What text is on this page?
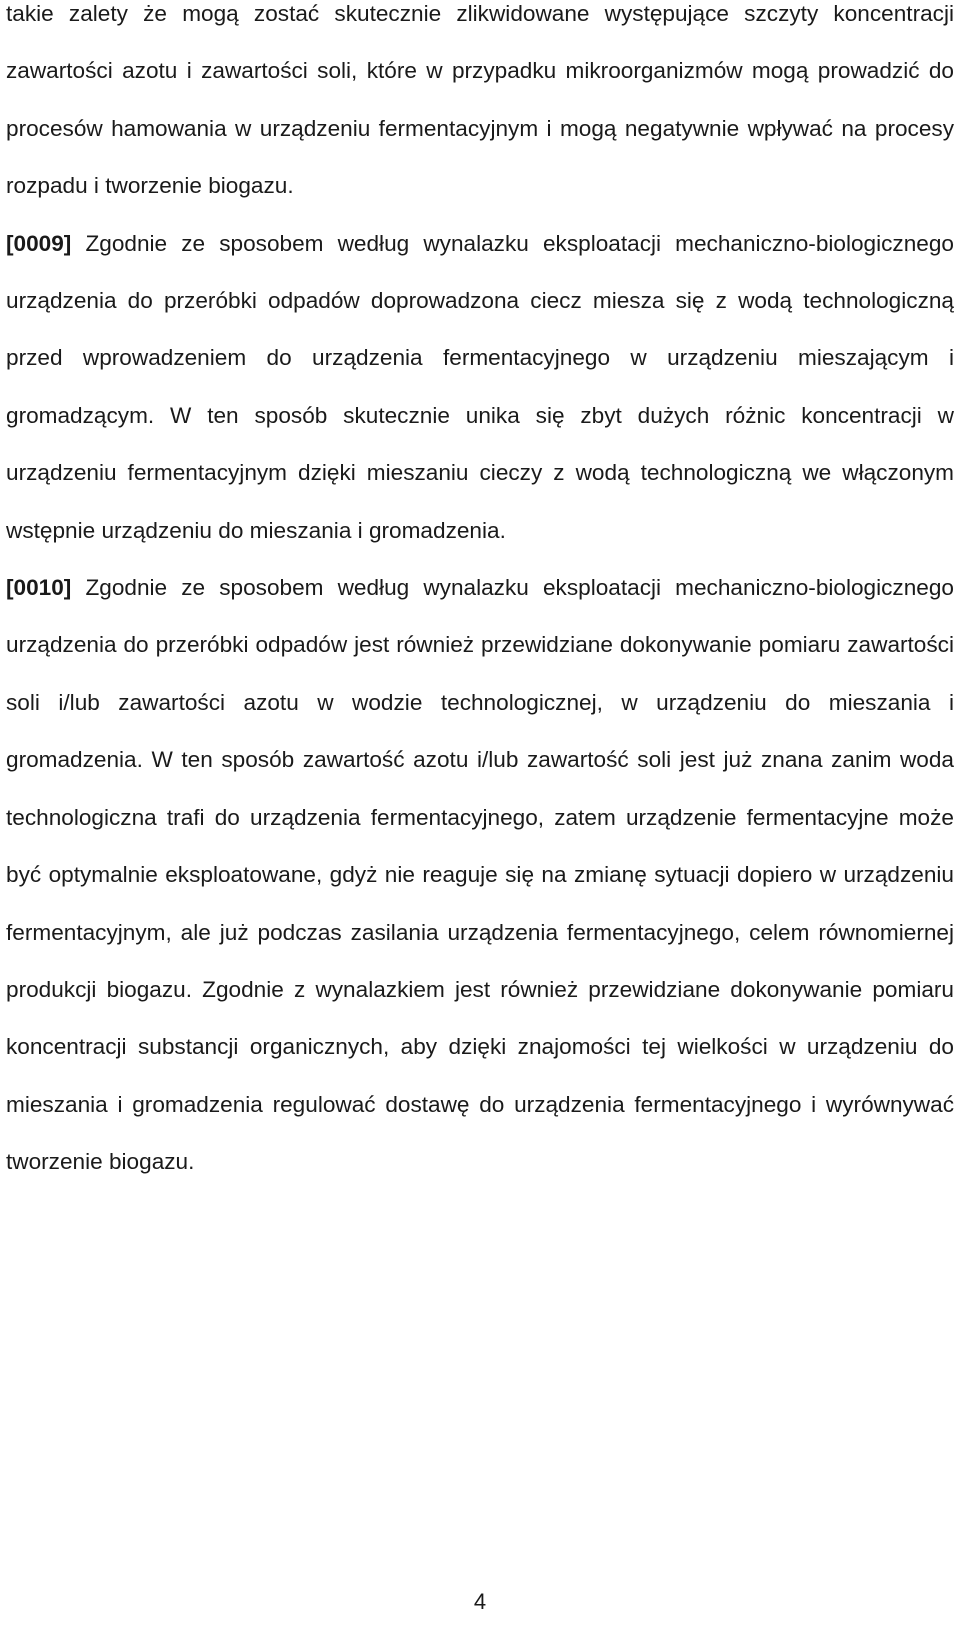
takie zalety że mogą zostać skutecznie zlikwidowane występujące szczyty koncentracji zawartości azotu i zawartości soli, które w przypadku mikroorganizmów mogą prowadzić do procesów hamowania w urządzeniu fermentacyjnym i mogą negatywnie wpływać na procesy rozpadu i tworzenie biogazu.

[0009] Zgodnie ze sposobem według wynalazku eksploatacji mechaniczno-biologicznego urządzenia do przeróbki odpadów doprowadzona ciecz miesza się z wodą technologiczną przed wprowadzeniem do urządzenia fermentacyjnego w urządzeniu mieszającym i gromadzącym. W ten sposób skutecznie unika się zbyt dużych różnic koncentracji w urządzeniu fermentacyjnym dzięki mieszaniu cieczy z wodą technologiczną we włączonym wstępnie urządzeniu do mieszania i gromadzenia.

[0010] Zgodnie ze sposobem według wynalazku eksploatacji mechaniczno-biologicznego urządzenia do przeróbki odpadów jest również przewidziane dokonywanie pomiaru zawartości soli i/lub zawartości azotu w wodzie technologicznej, w urządzeniu do mieszania i gromadzenia. W ten sposób zawartość azotu i/lub zawartość soli jest już znana zanim woda technologiczna trafi do urządzenia fermentacyjnego, zatem urządzenie fermentacyjne może być optymalnie eksploatowane, gdyż nie reaguje się na zmianę sytuacji dopiero w urządzeniu fermentacyjnym, ale już podczas zasilania urządzenia fermentacyjnego, celem równomiernej produkcji biogazu. Zgodnie z wynalazkiem jest również przewidziane dokonywanie pomiaru koncentracji substancji organicznych, aby dzięki znajomości tej wielkości w urządzeniu do mieszania i gromadzenia regulować dostawę do urządzenia fermentacyjnego i wyrównywać tworzenie biogazu.

4
